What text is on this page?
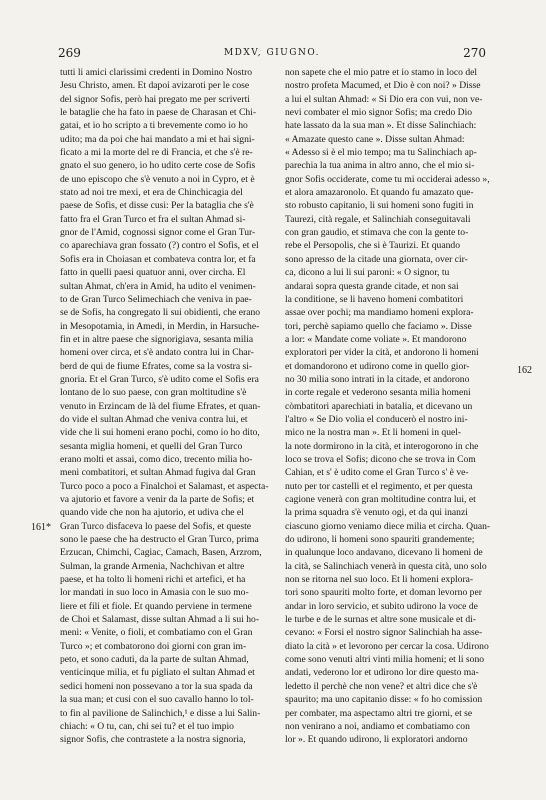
269	MDXV, GIUGNO.	270
tutti li amici clarissimi credenti in Domino Nostro
Jesu Christo, amen. Et dapoi avizaroti per le cose
del signor Sofis, però hai pregato me per scriverti
le bataglie che ha fato in paese de Charasan et Chi-
gatai, et io ho scripto a ti brevemente como io ho
udito; ma da poi che hai mandato a mi et hai signi-
ficato a mi la morte del re di Francia, et che s'è re-
gnato el suo genero, io ho udito certe cose de Sofis
de uno episcopo che s'è venuto a noi in Cypro, et è
stato ad noi tre mexi, et era de Chinchicagia del
paese de Sofis, et disse cusi: Per la bataglia che s'è
fatto fra el Gran Turco et fra el sultan Ahmad si-
gnor de l'Amid, cognossi signor come el Gran Tur-
co aparechiava gran fossato (?) contro el Sofis, et el
Sofis era in Choiasan et combateva contra lor, et fa
fatto in quelli paesi quatuor anni, over circha. El
sultan Ahmat, ch'era in Amid, ha udito el venimen-
to de Gran Turco Selimechiach che veniva in pae-
se de Sofis, ha congregato li sui obidienti, che erano
in Mesopotamia, in Amedi, in Merdin, in Harsuche-
fin et in altre paese che signorigiava, sesanta milia
homeni over circa, et s'è andato contra lui in Char-
berd de qui de fiume Efrates, come sa la vostra si-
gnoria. Et el Gran Turco, s'è udito come el Sofis era
lontano de lo suo paese, con gran moltitudine s'è
venuto in Erzincam de là del fiume Efrates, et quan-
do vide el sultan Ahmad che veniva contra lui, et
vide che li sui homeni erano pochi, como io ho dito,
sesanta miglia homeni, et quelli del Gran Turco
erano molti et assai, como dico, trecento milia ho-
meni combatitori, et sultan Ahmad fugiva dal Gran
Turco poco a poco a Finalchoi et Salamast, et aspecta-
va ajutorio et favore a venir da la parte de Sofis; et
quando vide che non ha ajutorio, et udiva che el
Gran Turco disfaceva lo paese del Sofis, et queste
sono le paese che ha destructo el Gran Turco, prima
Erzucan, Chimchi, Cagiac, Camach, Basen, Arzrom,
Sulman, la grande Armenia, Nachchivan et altre
paese, et ha tolto li homeni richi et artefici, et ha
lor mandati in suo loco in Amasia con le suo mo-
liere et fili et fiole. Et quando perviene in termene
de Choi et Salamast, disse sultan Ahmad a li sui ho-
meni: « Venite, o fioli, et combatiamo con el Gran
Turco »; et combatorono doi giorni con gran im-
peto, et sono caduti, da la parte de sultan Ahmad,
venticinque milia, et fu pigliato el sultan Ahmad et
sedici homeni non possevano a tor la sua spada da
la sua man; et cusi con el suo cavallo hanno lo tol-
to fin al pavilione de Salinchich,¹ e disse a lui Salin-
chiach: « O tu, can, chi sei tu? et el tuo impio
signor Sofis, che contrastete a la nostra signoria,
non sapete che el mio patre et io stamo in loco del
nostro profeta Macumed, et Dio è con noi? » Disse
a lui el sultan Ahmad: « Si Dio era con vui, non ve-
nevi combater el mio signor Sofis; ma credo Dio
hate lassato da la sua man ». Et disse Salinchiach:
« Amazate questo cane ». Disse sultan Ahmad:
« Adesso si è el mio tempo; ma tu Salinchiach ap-
parechia la tua anima in altro anno, che el mio si-
gnor Sofis occiderate, come tu mi occiderai adesso »,
et alora amazaronolo. Et quando fu amazato que-
sto robusto capitanio, li sui homeni sono fugiti in
Taurezi, cità regale, et Salinchiah conseguitavali
con gran gaudio, et stimava che con la gente to-
rebe el Persopolis, che si è Taurizi. Et quando
sono apresso de la citade una giornata, over cir-
ca, dicono a lui li sui paroni: « O signor, tu
andarai sopra questa grande citade, et non sai
la conditione, se li haveno homeni combatitori
assae over pochi; ma mandiamo homeni explora-
tori, perchè sapiamo quello che faciamo ». Disse
a lor: « Mandate come voliate ». Et mandorono
exploratori per vider la cità, et andorono li homeni
et domandorono et udirono come in quello gior-
no 30 milia sono intrati in la citade, et andorono
in corte regale et vederono sesanta milia homeni
còmbatitori aparechiati in batalia, et dicevano un
l'altro « Se Dio volia el conducerò el nostro ini-
mico ne la nostra man ». Et li homeni in quel-
la note dormirono in la cità, et interogorono in che
loco se trova el Sofis; dicono che se trova in Com
Cahian, et s' è udito come el Gran Turco s' è ve-
nuto per tor castelli et el regimento, et per questa
cagione venerà con gran moltitudine contra lui, et
la prima squadra s'è venuto ogi, et da qui inanzi
ciascuno giorno veniamo diece milia et circha. Quan-
do udirono, li homeni sono spauriti grandemente;
in qualunque loco andavano, dicevano li homeni de
la cità, se Salinchiach venerà in questa cità, uno solo
non se ritorna nel suo loco. Et li homeni explora-
tori sono spauriti molto forte, et doman levorno per
andar in loro servicio, et subito udirono la voce de
le turbe e de le surnas et altre sone musicale et di-
cevano: « Forsi el nostro signor Salinchiah ha asse-
diato la cità » et levorono per cercar la cosa. Udirono
come sono venuti altri vinti milia homeni; et li sono
andati, vederono lor et udirono lor dire questo ma-
ledetto il perchè che non vene? et altri dice che s'è
spaurito; ma uno capitanio disse: « fo ho comission
per combater, ma aspectamo altri tre giorni, et se
non venirano a noi, andiamo et combatiamo con
lor ». Et quando udirono, li exploratori andorno
161*
162
